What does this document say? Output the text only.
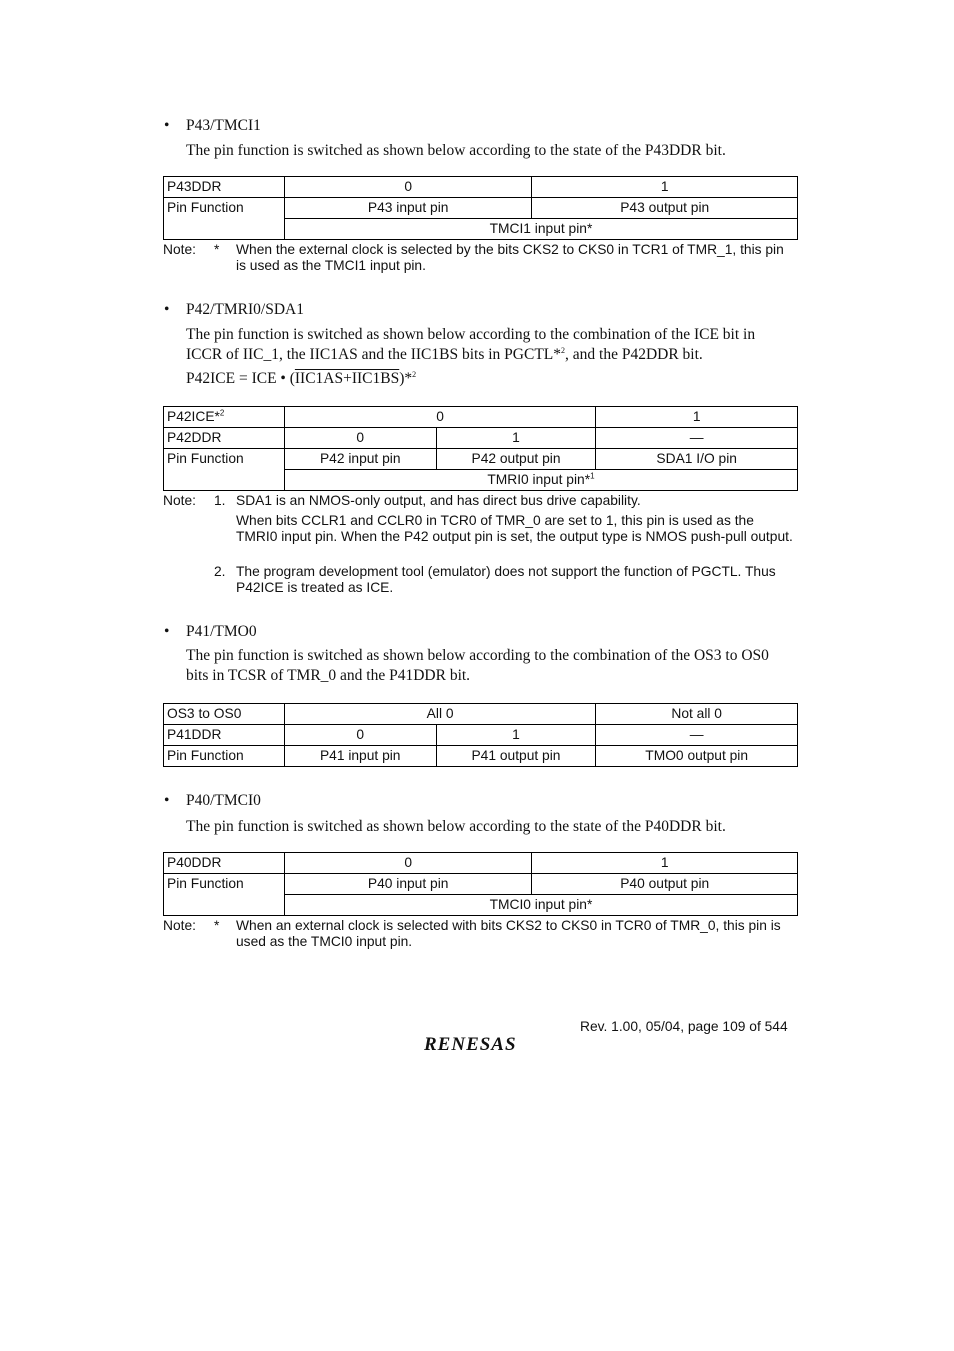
• P43/TMCI1
The pin function is switched as shown below according to the state of the P43DDR bit.
P43DDR	0	1
Pin Function	P43 input pin	P43 output pin
	TMCI1 input pin*	
Note: * When the external clock is selected by the bits CKS2 to CKS0 in TCR1 of TMR_1, this pin is used as the TMCI1 input pin.
• P42/TMRI0/SDA1
The pin function is switched as shown below according to the combination of the ICE bit in
ICCR of IIC_1, the IIC1AS and the IIC1BS bits in PGCTL*$^2$, and the P42DDR bit.
P42ICE = ICE • (IIC1AS+IIC1BS)*$^2$
P42ICE*$^2$	0		1
P42DDR	0	1	—
Pin Function	P42 input pin	P42 output pin	SDA1 I/O pin
	TMRI0 input pin*$^1$
Note: 1. SDA1 is an NMOS-only output, and has direct bus drive capability.
When bits CCLR1 and CCLR0 in TCR0 of TMR_0 are set to 1, this pin is used as the TMRI0 input pin. When the P42 output pin is set, the output type is NMOS push-pull output.
2. The program development tool (emulator) does not support the function of PGCTL. Thus P42ICE is treated as ICE.
• P41/TMO0
The pin function is switched as shown below according to the combination of the OS3 to OS0
bits in TCSR of TMR_0 and the P41DDR bit.
OS3 to OS0	All 0		Not all 0
P41DDR	0	1	—
Pin Function	P41 input pin	P41 output pin	TMO0 output pin
• P40/TMCI0
The pin function is switched as shown below according to the state of the P40DDR bit.
P40DDR	0	1
Pin Function	P40 input pin	P40 output pin
	TMCI0 input pin*	
Note: * When an external clock is selected with bits CKS2 to CKS0 in TCR0 of TMR_0, this pin is used as the TMCI0 input pin.
Rev. 1.00, 05/04, page 109 of 544
RENESAS
